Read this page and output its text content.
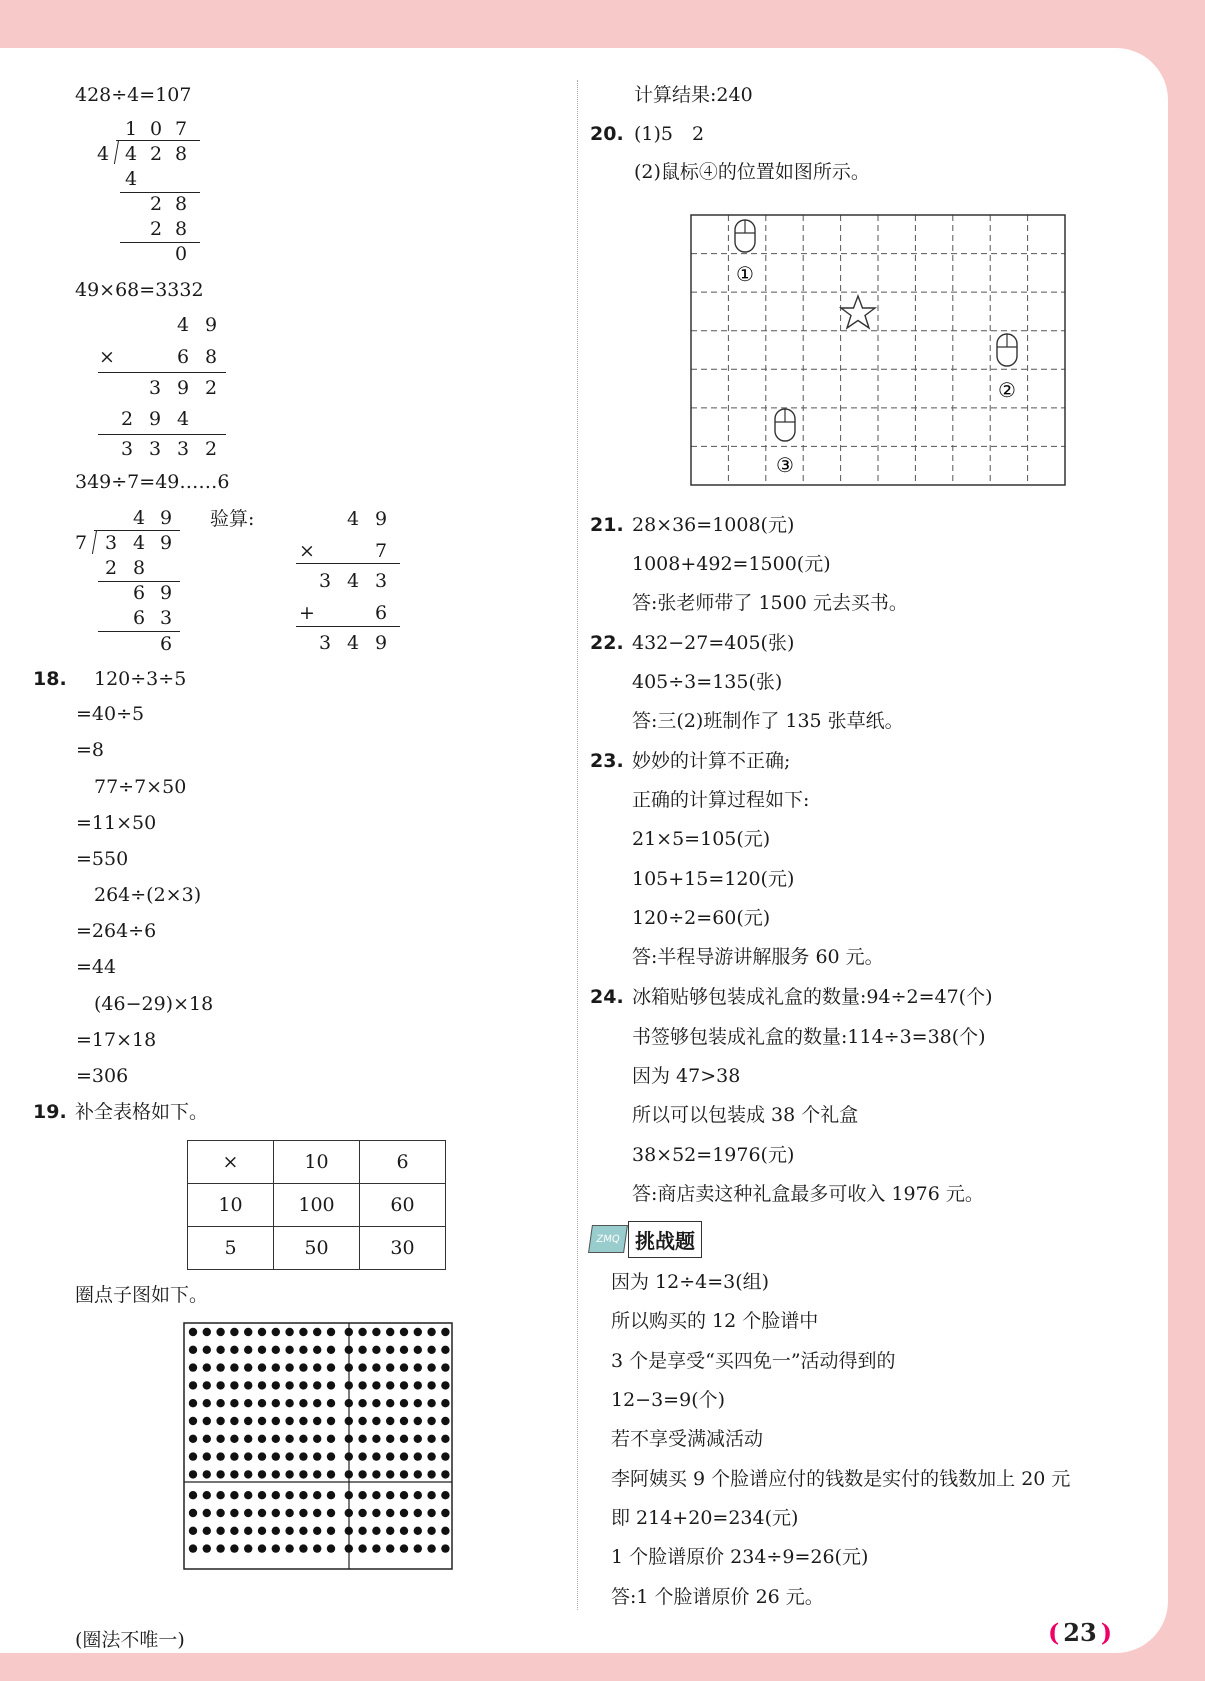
428÷4=107
1 0 7
4 4 2 8
4
2 8
2 8
0
49×68=3332
4 9
×	6 8
3 9 2
2 9 4
3 3 3 2
349÷7=49……6
4 9
7 3 4 9
2 8
6 9
6 3
6
验算:	4 9
×	7
3 4 3
+	6
3 4 9
18. 120÷3÷5
=40÷5
=8
77÷7×50
=11×50
=550
264÷(2×3)
=264÷6
=44
(46−29)×18
=17×18
=306
19. 补全表格如下。
×	10	6
10	100	60
5	50	30
圈点子图如下。
(圈法不唯一)
计算结果:240
20. (1)5　2
(2)鼠标④的位置如图所示。
①
②
③
21. 28×36=1008(元)
1008+492=1500(元)
答:张老师带了 1500 元去买书。
22. 432−27=405(张)
405÷3=135(张)
答:三(2)班制作了 135 张草纸。
23. 妙妙的计算不正确;
正确的计算过程如下:
21×5=105(元)
105+15=120(元)
120÷2=60(元)
答:半程导游讲解服务 60 元。
24. 冰箱贴够包装成礼盒的数量:94÷2=47(个)
书签够包装成礼盒的数量:114÷3=38(个)
因为 47>38
所以可以包装成 38 个礼盒
38×52=1976(元)
答:商店卖这种礼盒最多可收入 1976 元。
ZMQ 挑战题
因为 12÷4=3(组)
所以购买的 12 个脸谱中
3 个是享受“买四免一”活动得到的
12−3=9(个)
若不享受满减活动
李阿姨买 9 个脸谱应付的钱数是实付的钱数加上 20 元
即 214+20=234(元)
1 个脸谱原价 234÷9=26(元)
答:1 个脸谱原价 26 元。
( 23 )
